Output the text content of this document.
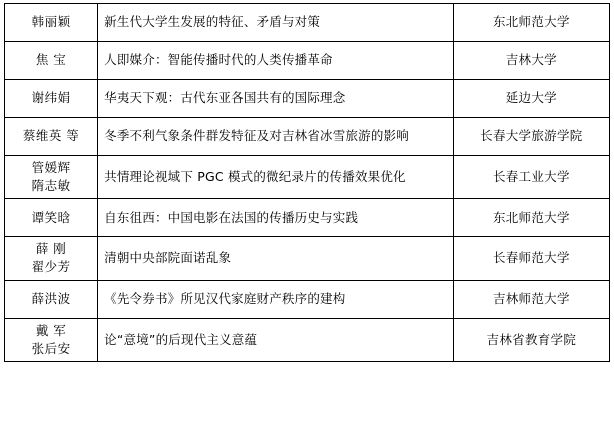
韩丽颖	新生代大学生发展的特征、矛盾与对策	东北师范大学

焦 宝	人即媒介：智能传播时代的人类传播革命	吉林大学

谢纬娟	华夷天下观：古代东亚各国共有的国际理念	延边大学

蔡维英 等	冬季不利气象条件群发特征及对吉林省冰雪旅游的影响	长春大学旅游学院

管媛辉
隋志敏	共情理论视域下 PGC 模式的微纪录片的传播效果优化	长春工业大学

谭笑晗	自东徂西：中国电影在法国的传播历史与实践	东北师范大学

薛 刚
翟少芳	清朝中央部院面诺乱象	长春师范大学

薛洪波	《先令券书》所见汉代家庭财产秩序的建构	吉林师范大学

戴 军
张后安	论“意境”的后现代主义意蕴	吉林省教育学院
